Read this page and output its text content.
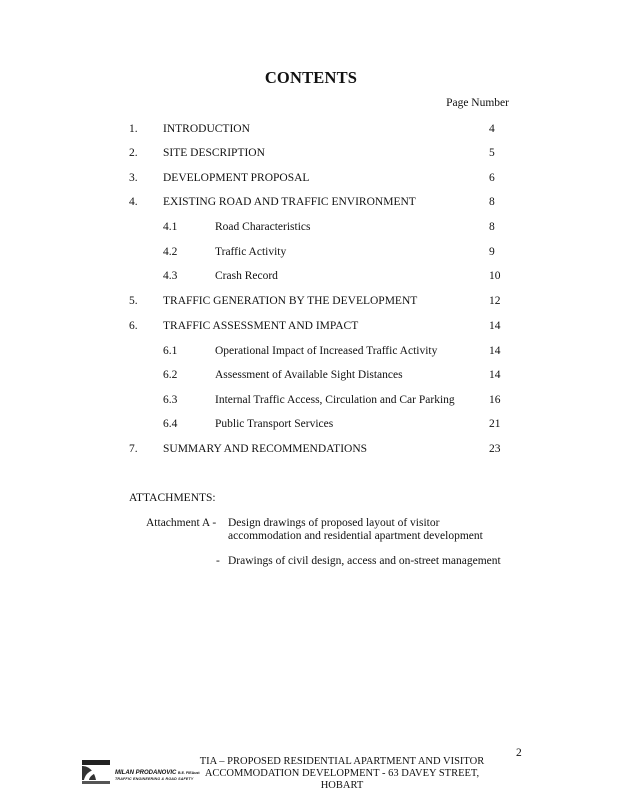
CONTENTS
Page Number
1. INTRODUCTION	4
2. SITE DESCRIPTION	5
3. DEVELOPMENT PROPOSAL	6
4. EXISTING ROAD AND TRAFFIC ENVIRONMENT	8
4.1	Road Characteristics	8
4.2	Traffic Activity	9
4.3	Crash Record	10
5. TRAFFIC GENERATION BY THE DEVELOPMENT	12
6. TRAFFIC ASSESSMENT AND IMPACT	14
6.1	Operational Impact of Increased Traffic Activity	14
6.2	Assessment of Available Sight Distances	14
6.3	Internal Traffic Access, Circulation and Car Parking	16
6.4	Public Transport Services	21
7. SUMMARY AND RECOMMENDATIONS	23
ATTACHMENTS:
Attachment A - Design drawings of proposed layout of visitor
accommodation and residential apartment development
- Drawings of civil design, access and on-street management
2
MILAN PRODANOVIC B.E. FIEAust
TRAFFIC ENGINEERING & ROAD SAFETY
TIA – PROPOSED RESIDENTIAL APARTMENT AND VISITOR
ACCOMMODATION DEVELOPMENT - 63 DAVEY STREET, HOBART
